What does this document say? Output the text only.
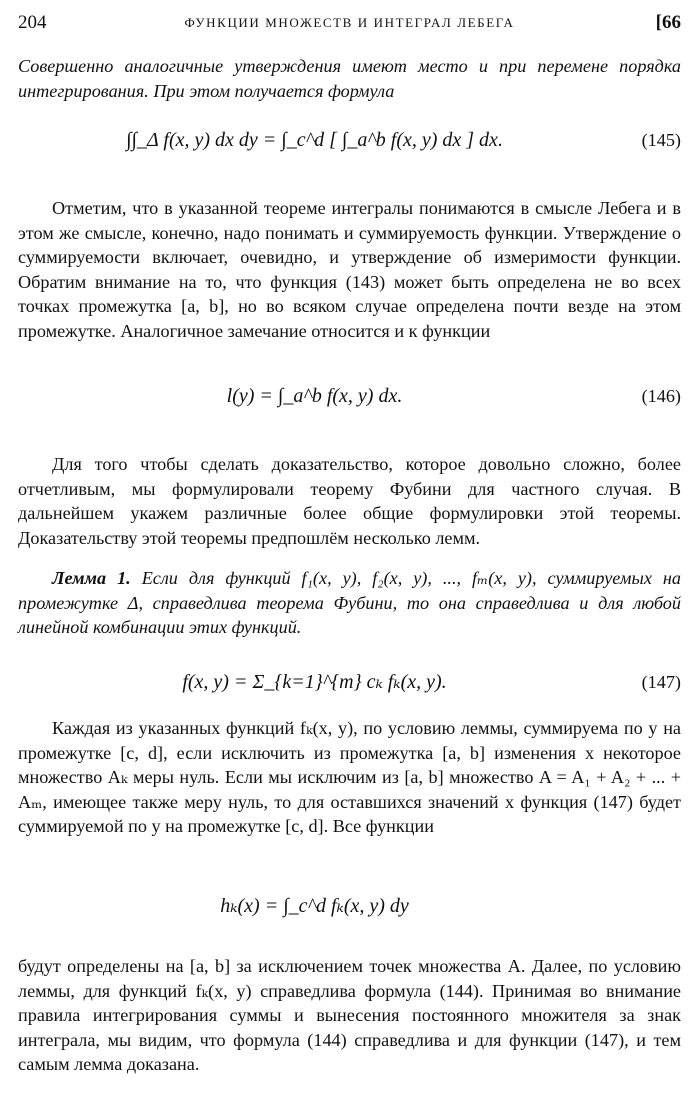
204	ФУНКЦИИ МНОЖЕСТВ И ИНТЕГРАЛ ЛЕБЕГА	[66
Совершенно аналогичные утверждения имеют место и при перемене порядка интегрирования. При этом получается формула
∫∫_Δ f(x, y) dx dy = ∫_c^d [ ∫_a^b f(x, y) dx ] dx.	(145)
Отметим, что в указанной теореме интегралы понимаются в смысле Лебега и в этом же смысле, конечно, надо понимать и суммируемость функции. Утверждение о суммируемости включает, очевидно, и утверждение об измеримости функции. Обратим внимание на то, что функция (143) может быть определена не во всех точках промежутка [a, b], но во всяком случае определена почти везде на этом промежутке. Аналогичное замечание относится и к функции
l(y) = ∫_a^b f(x, y) dx.	(146)
Для того чтобы сделать доказательство, которое довольно сложно, более отчетливым, мы формулировали теорему Фубини для частного случая. В дальнейшем укажем различные более общие формулировки этой теоремы. Доказательству этой теоремы предпошлём несколько лемм.
Лемма 1. Если для функций f₁(x, y), f₂(x, y), ..., fₘ(x, y), суммируемых на промежутке Δ, справедлива теорема Фубини, то она справедлива и для любой линейной комбинации этих функций.
f(x, y) = Σ_{k=1}^{m} cₖ fₖ(x, y).	(147)
Каждая из указанных функций fₖ(x, y), по условию леммы, суммируема по y на промежутке [c, d], если исключить из промежутка [a, b] изменения x некоторое множество Aₖ меры нуль. Если мы исключим из [a, b] множество A = A₁ + A₂ + ... + Aₘ, имеющее также меру нуль, то для оставшихся значений x функция (147) будет суммируемой по y на промежутке [c, d]. Все функции
hₖ(x) = ∫_c^d fₖ(x, y) dy
будут определены на [a, b] за исключением точек множества A. Далее, по условию леммы, для функций fₖ(x, y) справедлива формула (144). Принимая во внимание правила интегрирования суммы и вынесения постоянного множителя за знак интеграла, мы видим, что формула (144) справедлива и для функции (147), и тем самым лемма доказана.
